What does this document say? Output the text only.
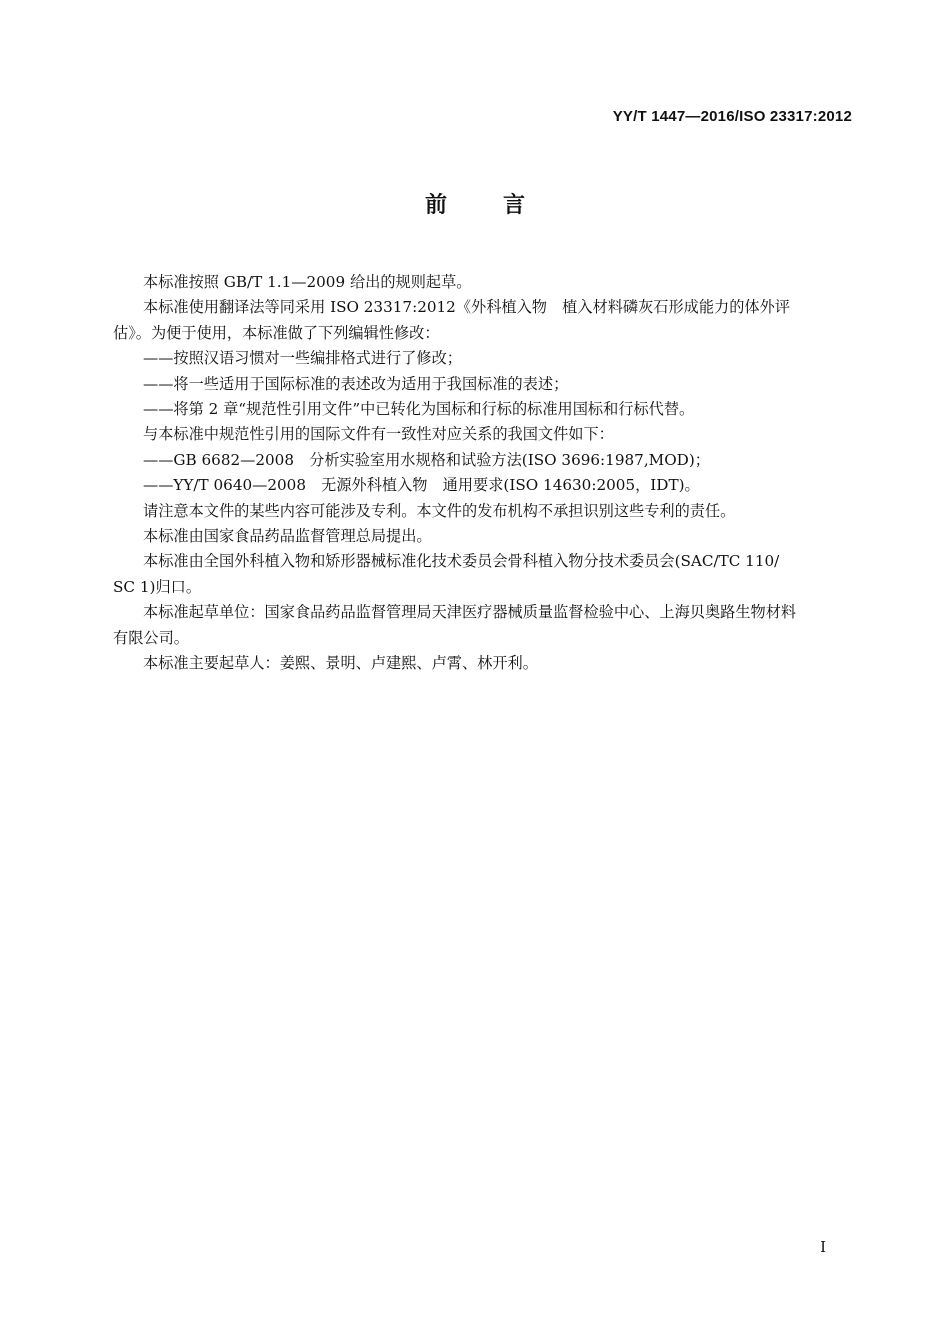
YY/T 1447—2016/ISO 23317:2012
前言

本标准按照 GB/T 1.1—2009 给出的规则起草。

本标准使用翻译法等同采用 ISO 23317:2012《外科植入物　植入材料磷灰石形成能力的体外评
估》。为便于使用，本标准做了下列编辑性修改：

——按照汉语习惯对一些编排格式进行了修改；

——将一些适用于国际标准的表述改为适用于我国标准的表述；

——将第 2 章“规范性引用文件”中已转化为国标和行标的标准用国标和行标代替。

与本标准中规范性引用的国际文件有一致性对应关系的我国文件如下：

——GB 6682—2008　分析实验室用水规格和试验方法(ISO 3696:1987,MOD)；

——YY/T 0640—2008　无源外科植入物　通用要求(ISO 14630:2005，IDT)。

请注意本文件的某些内容可能涉及专利。本文件的发布机构不承担识别这些专利的责任。

本标准由国家食品药品监督管理总局提出。

本标准由全国外科植入物和矫形器械标准化技术委员会骨科植入物分技术委员会(SAC/TC 110/
SC 1)归口。

本标准起草单位：国家食品药品监督管理局天津医疗器械质量监督检验中心、上海贝奥路生物材料
有限公司。

本标准主要起草人：姜熙、景明、卢建熙、卢霄、林开利。

I
